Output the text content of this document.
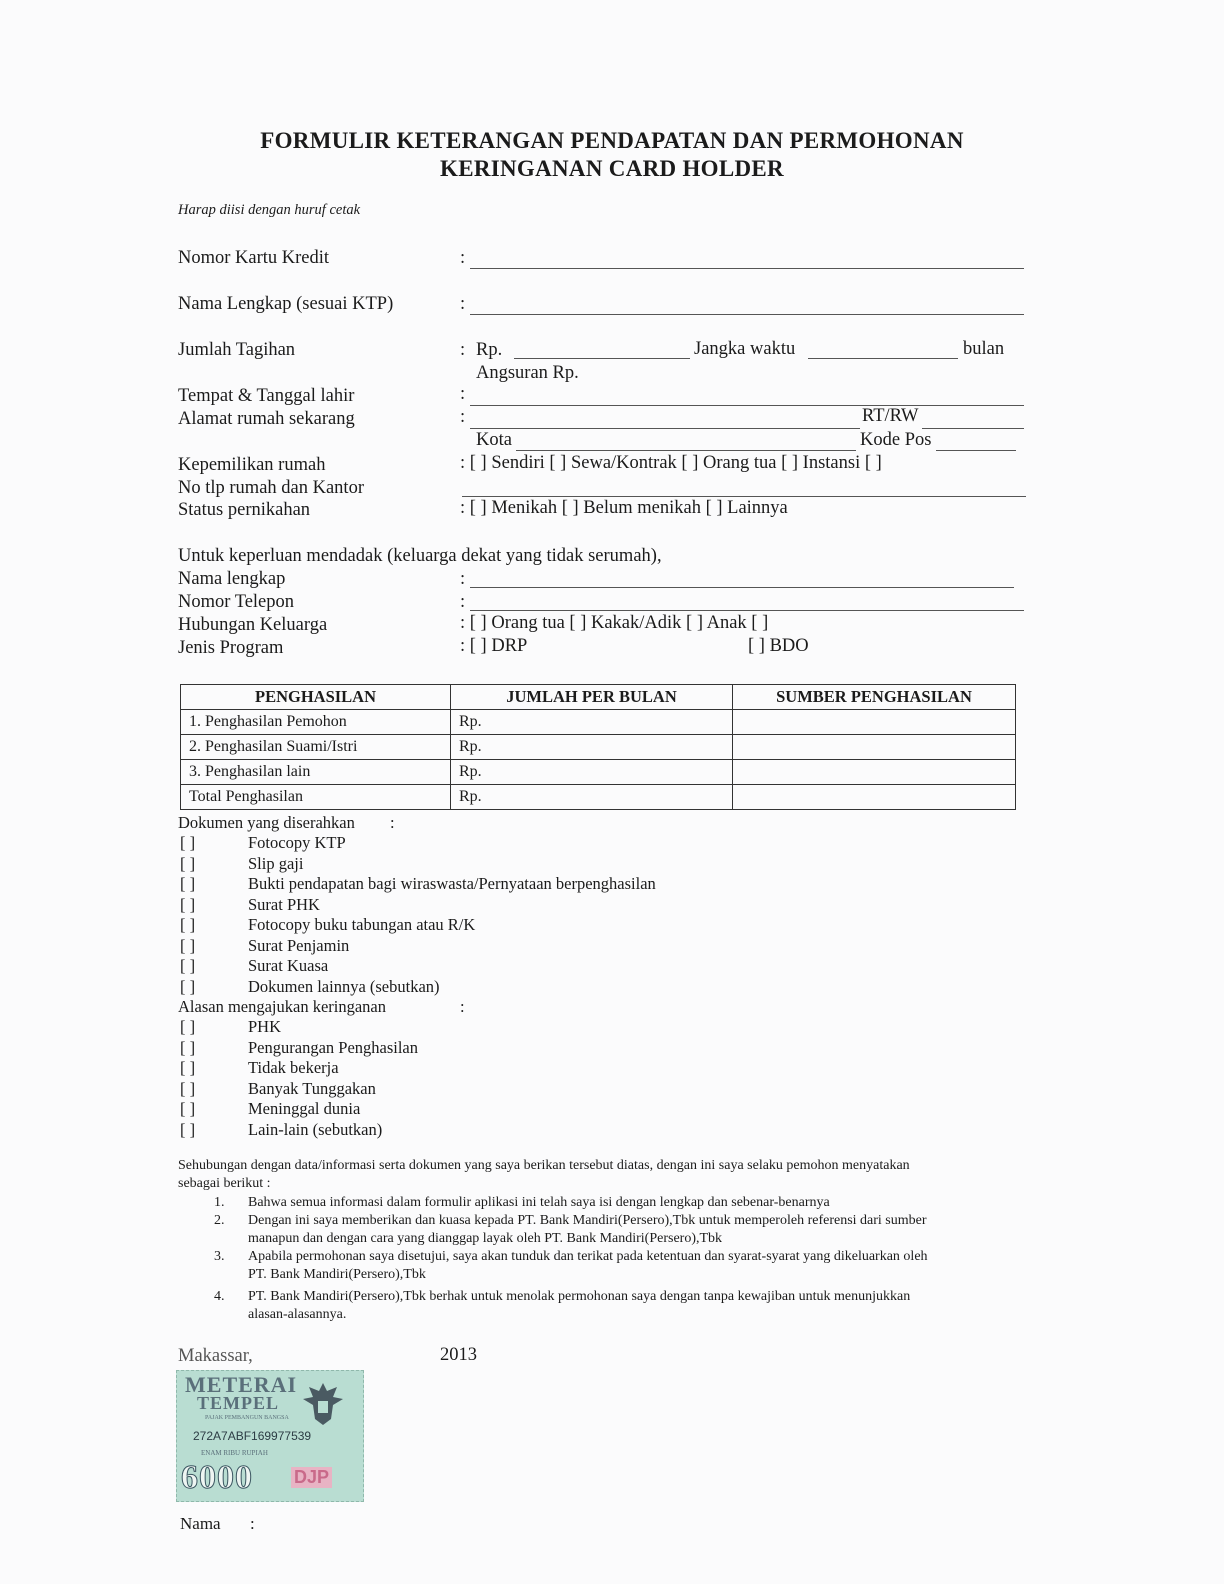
FORMULIR KETERANGAN PENDAPATAN DAN PERMOHONAN
KERINGANAN CARD HOLDER
Harap diisi dengan huruf cetak
Nomor Kartu Kredit	:
Nama Lengkap (sesuai KTP)	:
Jumlah Tagihan	: Rp.	Jangka waktu	bulan
Angsuran Rp.
Tempat & Tanggal lahir	:
Alamat rumah sekarang	:	RT/RW
Kota	Kode Pos
Kepemilikan rumah	: [ ] Sendiri [ ] Sewa/Kontrak [ ] Orang tua [ ] Instansi [ ]
No tlp rumah dan Kantor
Status pernikahan	: [ ] Menikah [ ] Belum menikah [ ] Lainnya
Untuk keperluan mendadak (keluarga dekat yang tidak serumah),
Nama lengkap	:
Nomor Telepon	:
Hubungan Keluarga	: [ ] Orang tua [ ] Kakak/Adik [ ] Anak [ ]
Jenis Program	: [ ] DRP	[ ] BDO
PENGHASILAN	JUMLAH PER BULAN	SUMBER PENGHASILAN
1. Penghasilan Pemohon	Rp.	
2. Penghasilan Suami/Istri	Rp.	
3. Penghasilan lain	Rp.	
Total Penghasilan	Rp.	
Dokumen yang diserahkan :
[ ]	Fotocopy KTP
[ ]	Slip gaji
[ ]	Bukti pendapatan bagi wiraswasta/Pernyataan berpenghasilan
[ ]	Surat PHK
[ ]	Fotocopy buku tabungan atau R/K
[ ]	Surat Penjamin
[ ]	Surat Kuasa
[ ]	Dokumen lainnya (sebutkan)
Alasan mengajukan keringanan	:
[ ]	PHK
[ ]	Pengurangan Penghasilan
[ ]	Tidak bekerja
[ ]	Banyak Tunggakan
[ ]	Meninggal dunia
[ ]	Lain-lain (sebutkan)
Sehubungan dengan data/informasi serta dokumen yang saya berikan tersebut diatas, dengan ini saya selaku pemohon menyatakan
sebagai berikut :
1. Bahwa semua informasi dalam formulir aplikasi ini telah saya isi dengan lengkap dan sebenar-benarnya
2. Dengan ini saya memberikan dan kuasa kepada PT. Bank Mandiri(Persero),Tbk untuk memperoleh referensi dari sumber
manapun dan dengan cara yang dianggap layak oleh PT. Bank Mandiri(Persero),Tbk
3. Apabila permohonan saya disetujui, saya akan tunduk dan terikat pada ketentuan dan syarat-syarat yang dikeluarkan oleh
PT. Bank Mandiri(Persero),Tbk
4. PT. Bank Mandiri(Persero),Tbk berhak untuk menolak permohonan saya dengan tanpa kewajiban untuk menunjukkan
alasan-alasannya.
Makassar,	2013
METERAI
TEMPEL
PAJAK PEMBANGUN BANGSA
272A7ABF169977539
ENAM RIBU RUPIAH
6000 DJP
Nama :
